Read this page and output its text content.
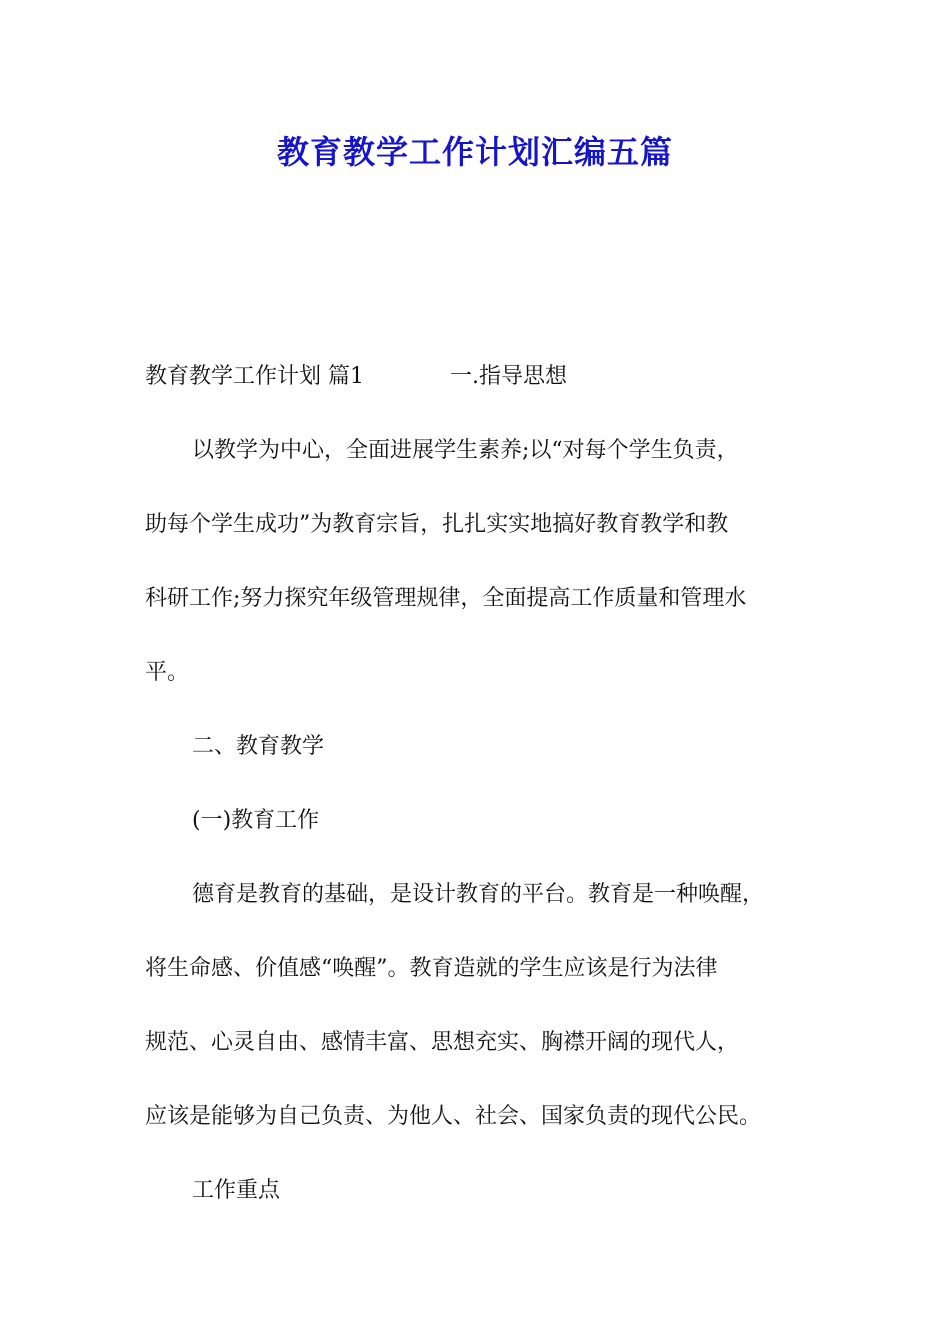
教育教学工作计划汇编五篇

教育教学工作计划 篇1	一.指导思想

以教学为中心，全面进展学生素养;以“对每个学生负责，

助每个学生成功”为教育宗旨，扎扎实实地搞好教育教学和教

科研工作;努力探究年级管理规律，全面提高工作质量和管理水

平。

二、教育教学

(一)教育工作

德育是教育的基础，是设计教育的平台。教育是一种唤醒，

将生命感、价值感“唤醒”。教育造就的学生应该是行为法律

规范、心灵自由、感情丰富、思想充实、胸襟开阔的现代人，

应该是能够为自己负责、为他人、社会、国家负责的现代公民。

工作重点
